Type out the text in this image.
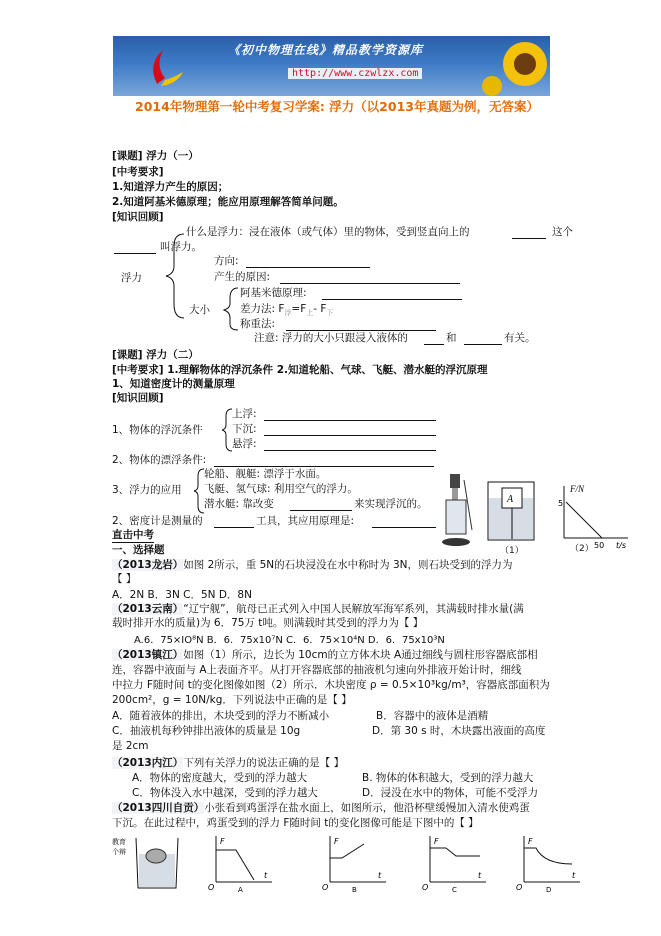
《初中物理在线》精品教学资源库
http://www.czwlzx.com
2014年物理第一轮中考复习学案: 浮力（以2013年真题为例，无答案）
[课题] 浮力（一）
[中考要求]
1.知道浮力产生的原因；
2.知道阿基米德原理；能应用原理解答简单问题。
[知识回顾]
什么是浮力：浸在液体（或气体）里的物体，受到竖直向上的	这个
叫浮力。
方向:
浮力	产生的原因:
大小
阿基米德原理:
差力法: $F_浮=F_上-$ $F_下$
称重法:
注意: 浮力的大小只跟浸入液体的	和	有关。
[课题] 浮力（二）
[中考要求] 1.理解物体的浮沉条件 2.知道轮船、气球、飞艇、潜水艇的浮沉原理
1、知道密度计的测量原理
[知识回顾]
1、物体的浮沉条件
上浮:
下沉:
悬浮:
2、物体的漂浮条件:
3、浮力的应用
轮船、舰艇: 漂浮于水面。
飞艇、氢气球: 利用空气的浮力。
潜水艇: 靠改变	来实现浮沉的。
2、密度计是测量的	工具，其应用原理是:
A
F/N
5
50 t/s
（1）	（2）
直击中考
一、选择题
（2013龙岩）如图 2所示，重 5N的石块浸没在水中称时为 3N，则石块受到的浮力为
【 】
A．2N B．3N C．5N D．8N
（2013云南）“辽宁舰”，航母已正式列入中国人民解放军海军系列，其满载时排水量(满
载时排开水的质量)为 6．75万 t吨。则满载时其受到的浮力为【 】
A.6．75×IO⁸N B．6．75x10⁷N C．6．75×10⁴N D．6．75x10³N
（2013镇江）如图（1）所示，边长为 10cm的立方体木块 A通过细线与圆柱形容器底部相
连，容器中液面与 A上表面齐平。从打开容器底部的抽液机匀速向外排液开始计时，细线
中拉力 F随时间 t的变化图像如图（2）所示．木块密度 ρ = 0.5×10³kg/m³，容器底部面积为
200cm²，g = 10N/kg．下列说法中正确的是【 】
A．随着液体的排出，木块受到的浮力不断减小	B．容器中的液体是酒精
C．抽液机每秒钟排出液体的质量是 10g	D．第 30 s 时，木块露出液面的高度
是 2cm
（2013内江）下列有关浮力的说法正确的是【 】
A．物体的密度越大，受到的浮力越大	B. 物体的体积越大，受到的浮力越大
C．物体没入水中越深，受到的浮力越大	D．浸没在水中的物体，可能不受浮力
（2013四川自贡）小张看到鸡蛋浮在盐水面上，如图所示，他沿杯壁缓慢加入清水使鸡蛋
下沉。在此过程中，鸡蛋受到的浮力 F随时间 t的变化图像可能是下图中的【 】
教育
个辩
F
t
O	A
F
t
O	B
F
t
O	C
F
t
O	D
